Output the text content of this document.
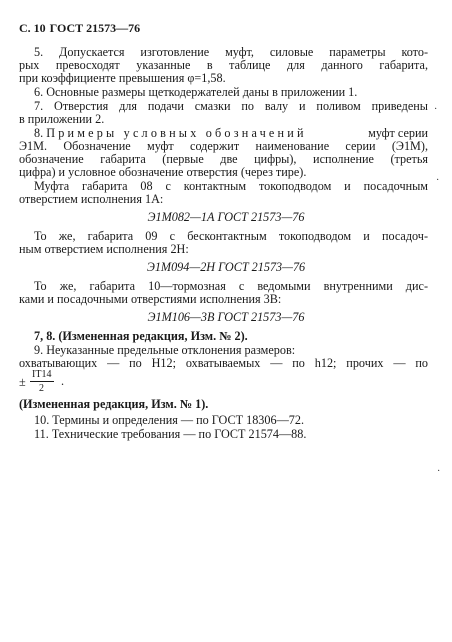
С. 10 ГОСТ 21573—76
5. Допускается изготовление муфт, силовые параметры кото-
рых превосходят указанные в таблице для данного габарита,
при коэффициенте превышения φ=1,58.
6. Основные размеры щеткодержателей даны в приложении 1.
7. Отверстия для подачи смазки по валу и поливом приведены
в приложении 2.
8. Примеры условных обозначений	муфт серии
Э1М. Обозначение муфт содержит наименование серии (Э1М),
обозначение габарита (первые две цифры), исполнение (третья
цифра) и условное обозначение отверстия (через тире).
Муфта габарита 08 с контактным токоподводом и посадочным
отверстием исполнения 1А:
Э1М082—1А ГОСТ 21573—76
То же, габарита 09 с бесконтактным токоподводом и посадоч-
ным отверстием исполнения 2Н:
Э1М094—2Н ГОСТ 21573—76
То же, габарита 10—тормозная с ведомыми внутренними дис-
ками и посадочными отверстиями исполнения 3В:
Э1М106—3В ГОСТ 21573—76
7, 8. (Измененная редакция, Изм. № 2).
9. Неуказанные предельные отклонения размеров:
охватывающих — по Н12; охватываемых — по h12; прочих — по
±
IT14
2
.
(Измененная редакция, Изм. № 1).
10. Термины и определения — по ГОСТ 18306—72.
11. Технические требования — по ГОСТ 21574—88.
·
·
·
